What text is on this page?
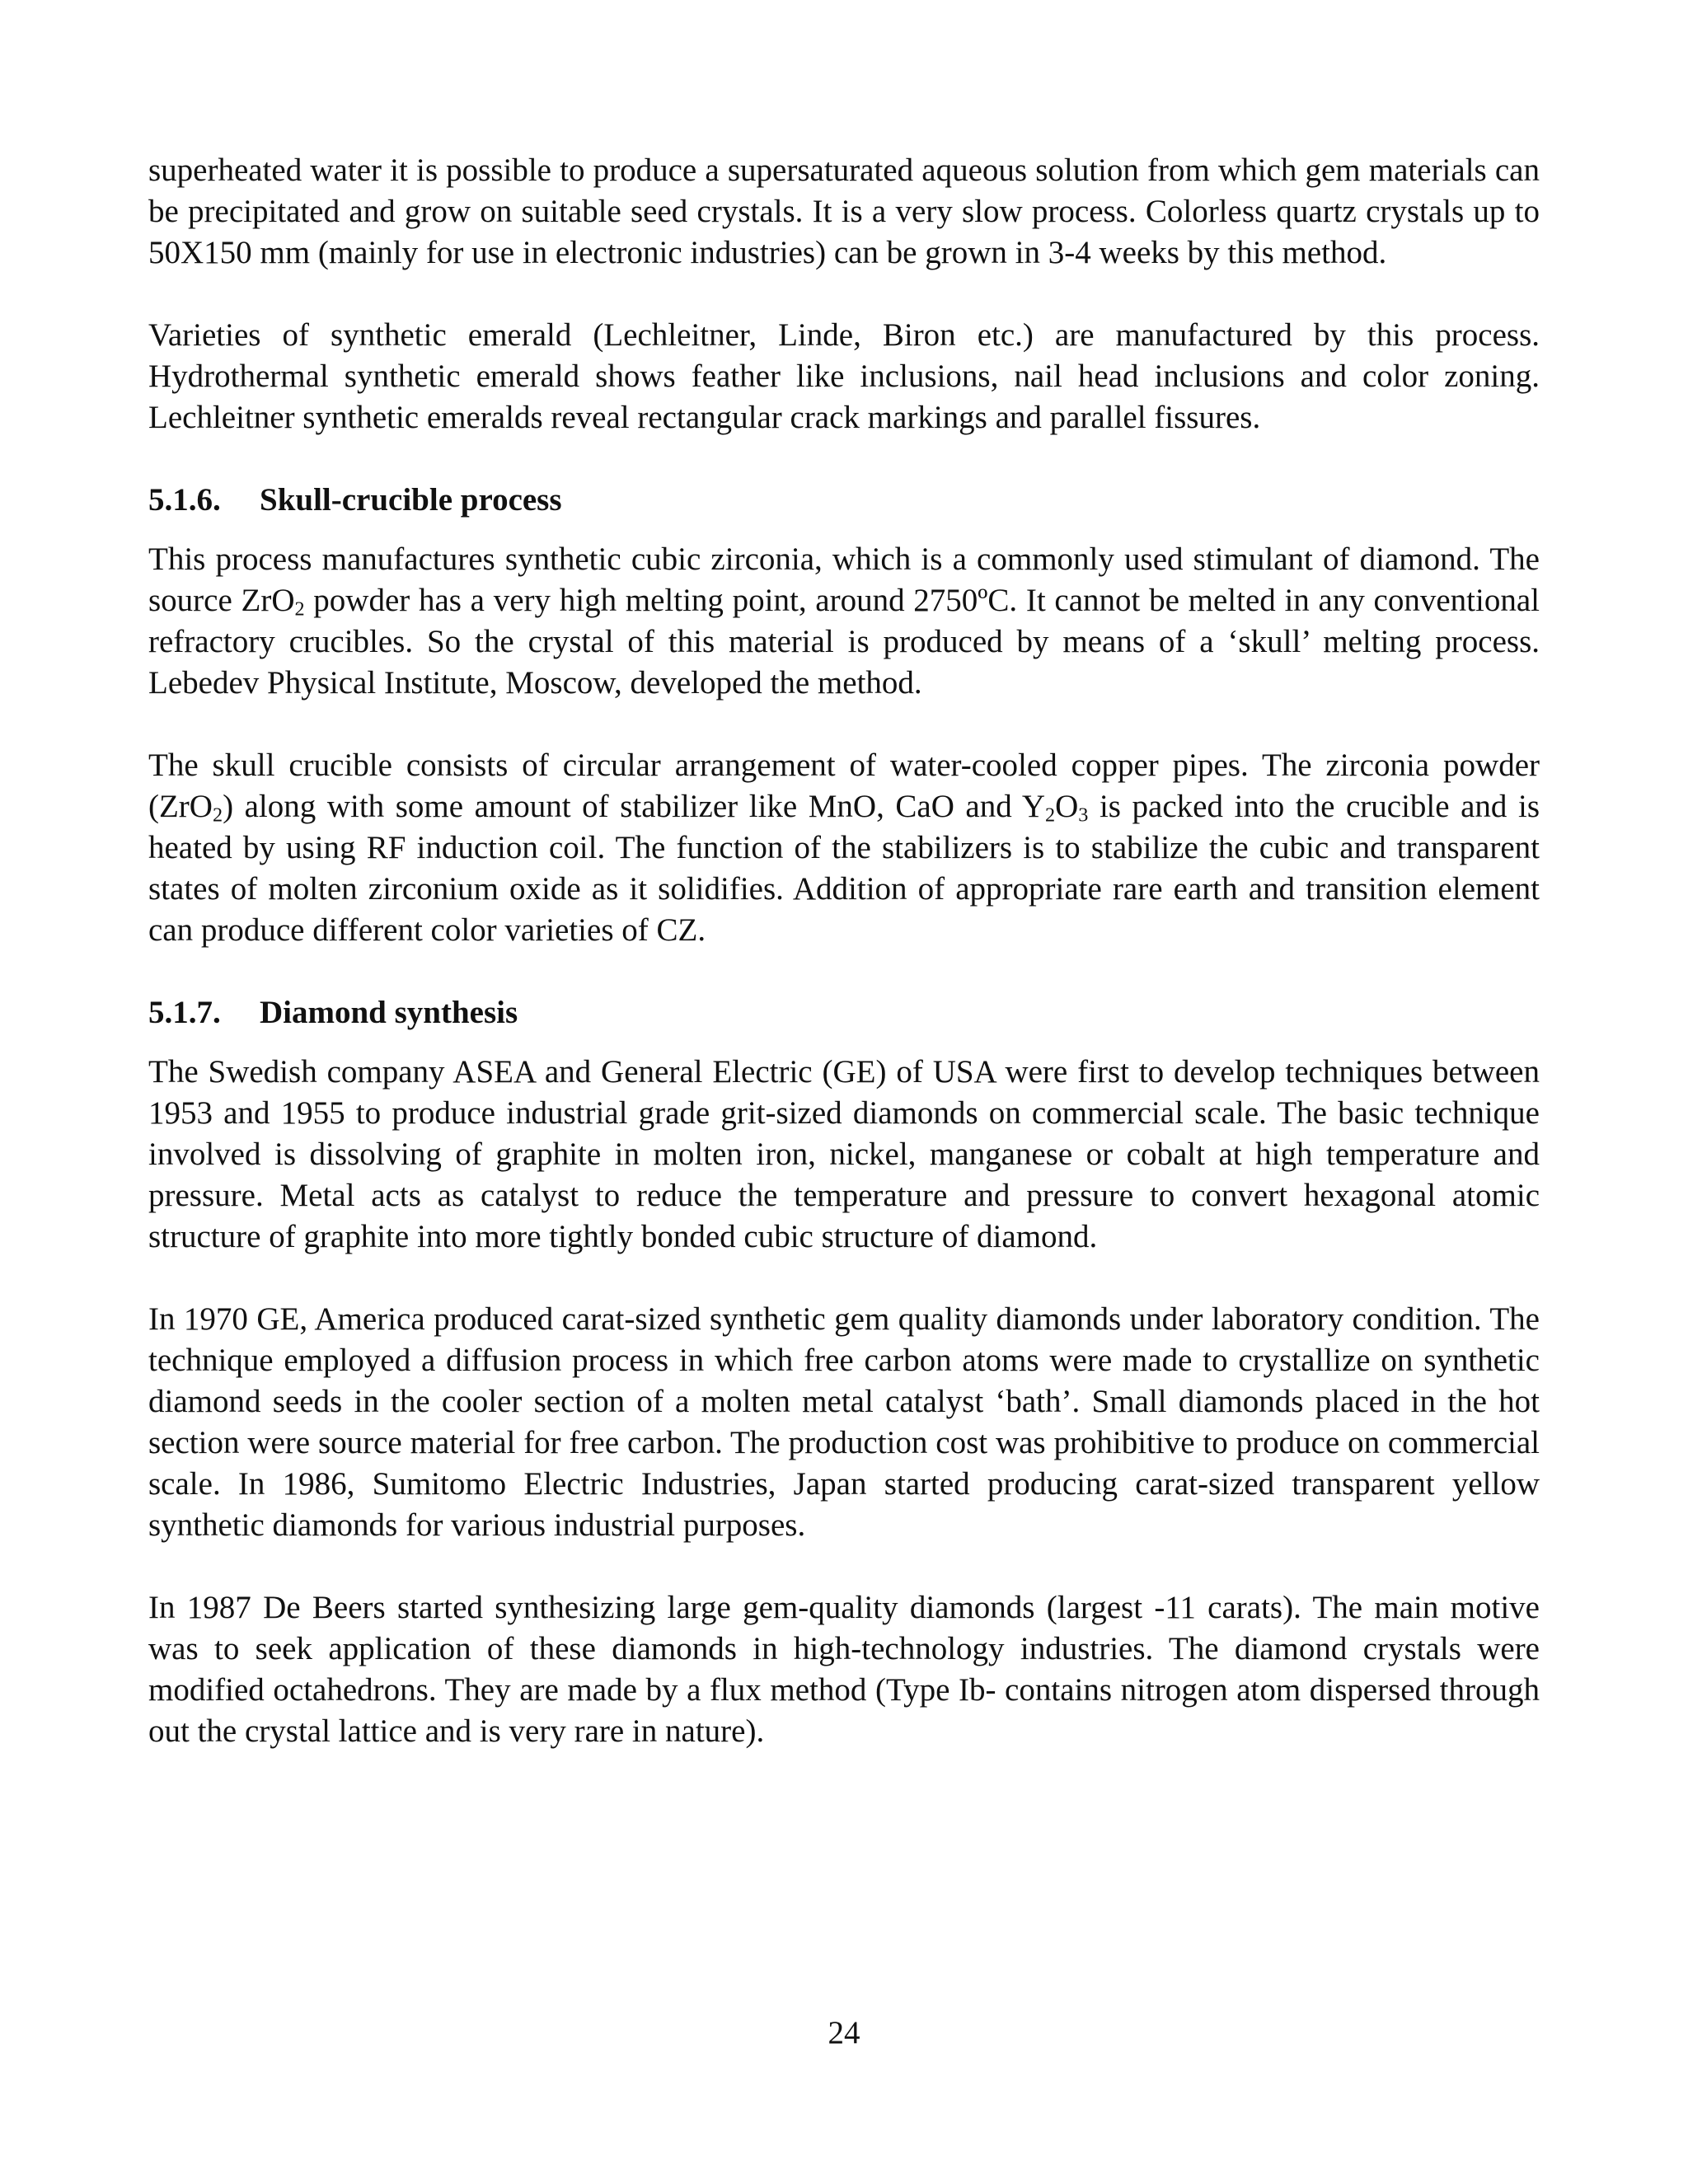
superheated water it is possible to produce a supersaturated aqueous solution from which gem materials can be precipitated and grow on suitable seed crystals. It is a very slow process. Colorless quartz crystals up to 50X150 mm (mainly for use in electronic industries) can be grown in 3-4 weeks by this method.

Varieties of synthetic emerald (Lechleitner, Linde, Biron etc.) are manufactured by this process. Hydrothermal synthetic emerald shows feather like inclusions, nail head inclusions and color zoning. Lechleitner synthetic emeralds reveal rectangular crack markings and parallel fissures.

5.1.6. Skull-crucible process

This process manufactures synthetic cubic zirconia, which is a commonly used stimulant of diamond. The source ZrO$_2$ powder has a very high melting point, around 2750ºC. It cannot be melted in any conventional refractory crucibles. So the crystal of this material is produced by means of a ‘skull’ melting process. Lebedev Physical Institute, Moscow, developed the method.

The skull crucible consists of circular arrangement of water-cooled copper pipes. The zirconia powder (ZrO$_2$) along with some amount of stabilizer like MnO, CaO and $Y_2O_3$ is packed into the crucible and is heated by using RF induction coil. The function of the stabilizers is to stabilize the cubic and transparent states of molten zirconium oxide as it solidifies. Addition of appropriate rare earth and transition element can produce different color varieties of CZ.

5.1.7. Diamond synthesis

The Swedish company ASEA and General Electric (GE) of USA were first to develop techniques between 1953 and 1955 to produce industrial grade grit-sized diamonds on commercial scale. The basic technique involved is dissolving of graphite in molten iron, nickel, manganese or cobalt at high temperature and pressure. Metal acts as catalyst to reduce the temperature and pressure to convert hexagonal atomic structure of graphite into more tightly bonded cubic structure of diamond.

In 1970 GE, America produced carat-sized synthetic gem quality diamonds under laboratory condition. The technique employed a diffusion process in which free carbon atoms were made to crystallize on synthetic diamond seeds in the cooler section of a molten metal catalyst ‘bath’. Small diamonds placed in the hot section were source material for free carbon. The production cost was prohibitive to produce on commercial scale. In 1986, Sumitomo Electric Industries, Japan started producing carat-sized transparent yellow synthetic diamonds for various industrial purposes.

In 1987 De Beers started synthesizing large gem-quality diamonds (largest -11 carats). The main motive was to seek application of these diamonds in high-technology industries. The diamond crystals were modified octahedrons. They are made by a flux method (Type Ib- contains nitrogen atom dispersed through out the crystal lattice and is very rare in nature).

24
